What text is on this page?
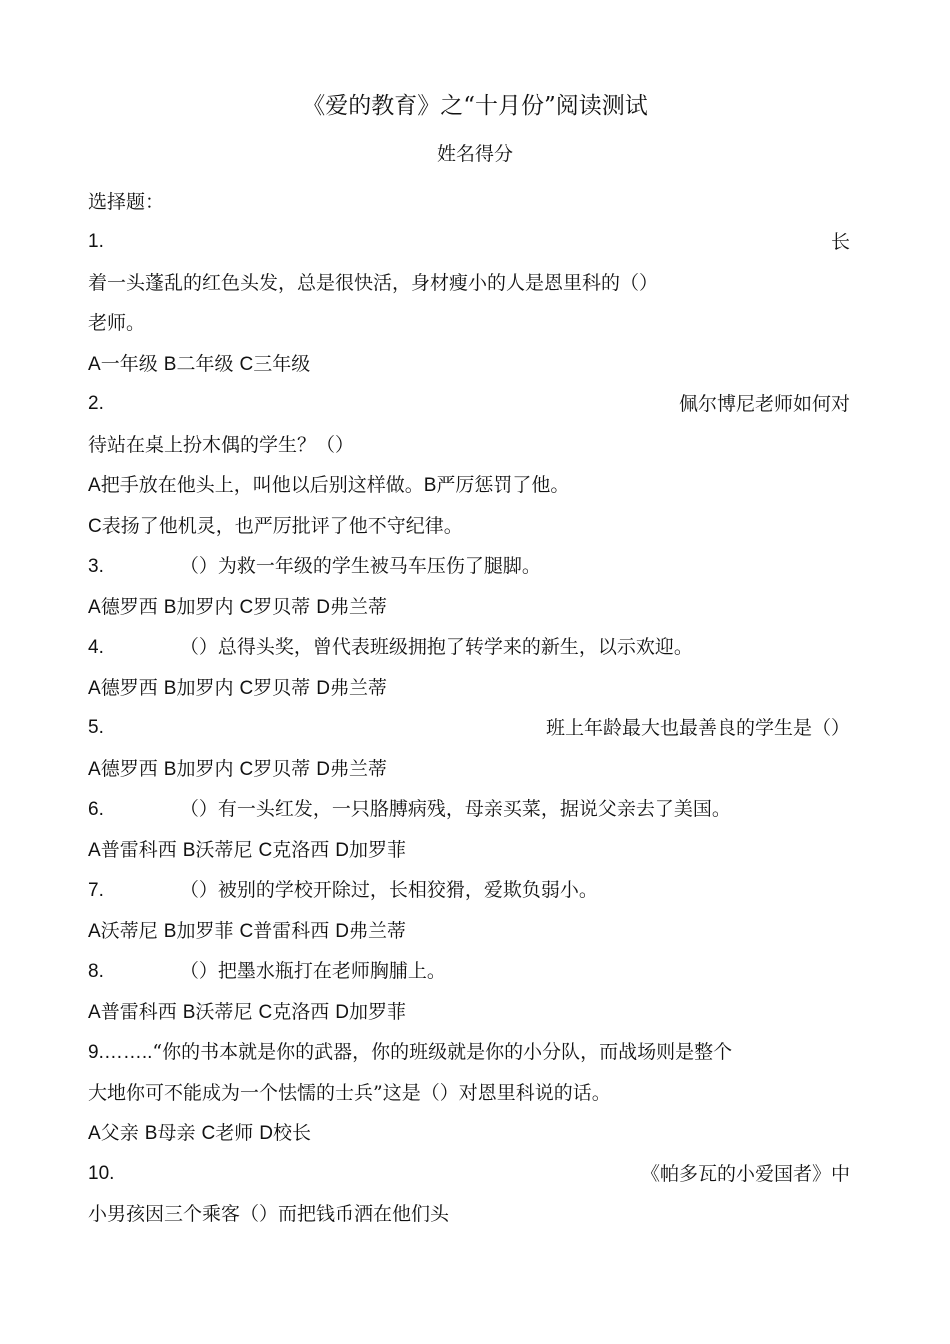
《爱的教育》之“十月份”阅读测试
姓名得分
选择题：
1.	长
着一头蓬乱的红色头发，总是很快活，身材瘦小的人是恩里科的（）
老师。
A一年级 B二年级 C三年级
2.	佩尔博尼老师如何对
待站在桌上扮木偶的学生？（）
A把手放在他头上，叫他以后别这样做。B严厉惩罚了他。
C表扬了他机灵，也严厉批评了他不守纪律。
3.	（）为救一年级的学生被马车压伤了腿脚。
A德罗西 B加罗内 C罗贝蒂 D弗兰蒂
4.	（）总得头奖，曾代表班级拥抱了转学来的新生，以示欢迎。
A德罗西 B加罗内 C罗贝蒂 D弗兰蒂
5.	班上年龄最大也最善良的学生是（）
A德罗西 B加罗内 C罗贝蒂 D弗兰蒂
6.	（）有一头红发，一只胳膊病残，母亲买菜，据说父亲去了美国。
A普雷科西 B沃蒂尼 C克洛西 D加罗菲
7.	（）被别的学校开除过，长相狡猾，爱欺负弱小。
A沃蒂尼 B加罗菲 C普雷科西 D弗兰蒂
8.	（）把墨水瓶打在老师胸脯上。
A普雷科西 B沃蒂尼 C克洛西 D加罗菲
9.……..“你的书本就是你的武器，你的班级就是你的小分队，而战场则是整个
大地你可不能成为一个怯懦的士兵”这是（）对恩里科说的话。
A父亲 B母亲 C老师 D校长
10.	《帕多瓦的小爱国者》中
小男孩因三个乘客（）而把钱币洒在他们头
